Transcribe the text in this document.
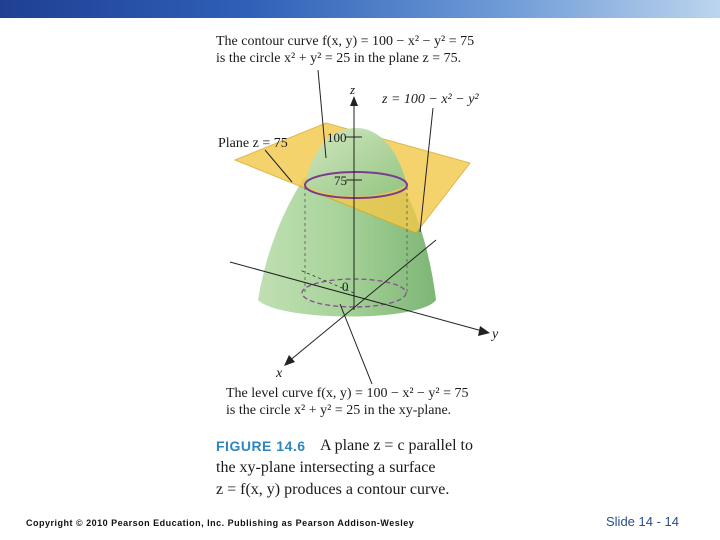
The contour curve f(x, y) = 100 − x² − y² = 75
is the circle x² + y² = 25 in the plane z = 75.
z = 100 − x² − y²
Plane z = 75
z
100
75
0
y
x
The level curve f(x, y) = 100 − x² − y² = 75
is the circle x² + y² = 25 in the xy-plane.
FIGURE 14.6 A plane z = c parallel to
the xy-plane intersecting a surface
z = f(x, y) produces a contour curve.
Copyright © 2010 Pearson Education, Inc. Publishing as Pearson Addison-Wesley	Slide 14 - 14
